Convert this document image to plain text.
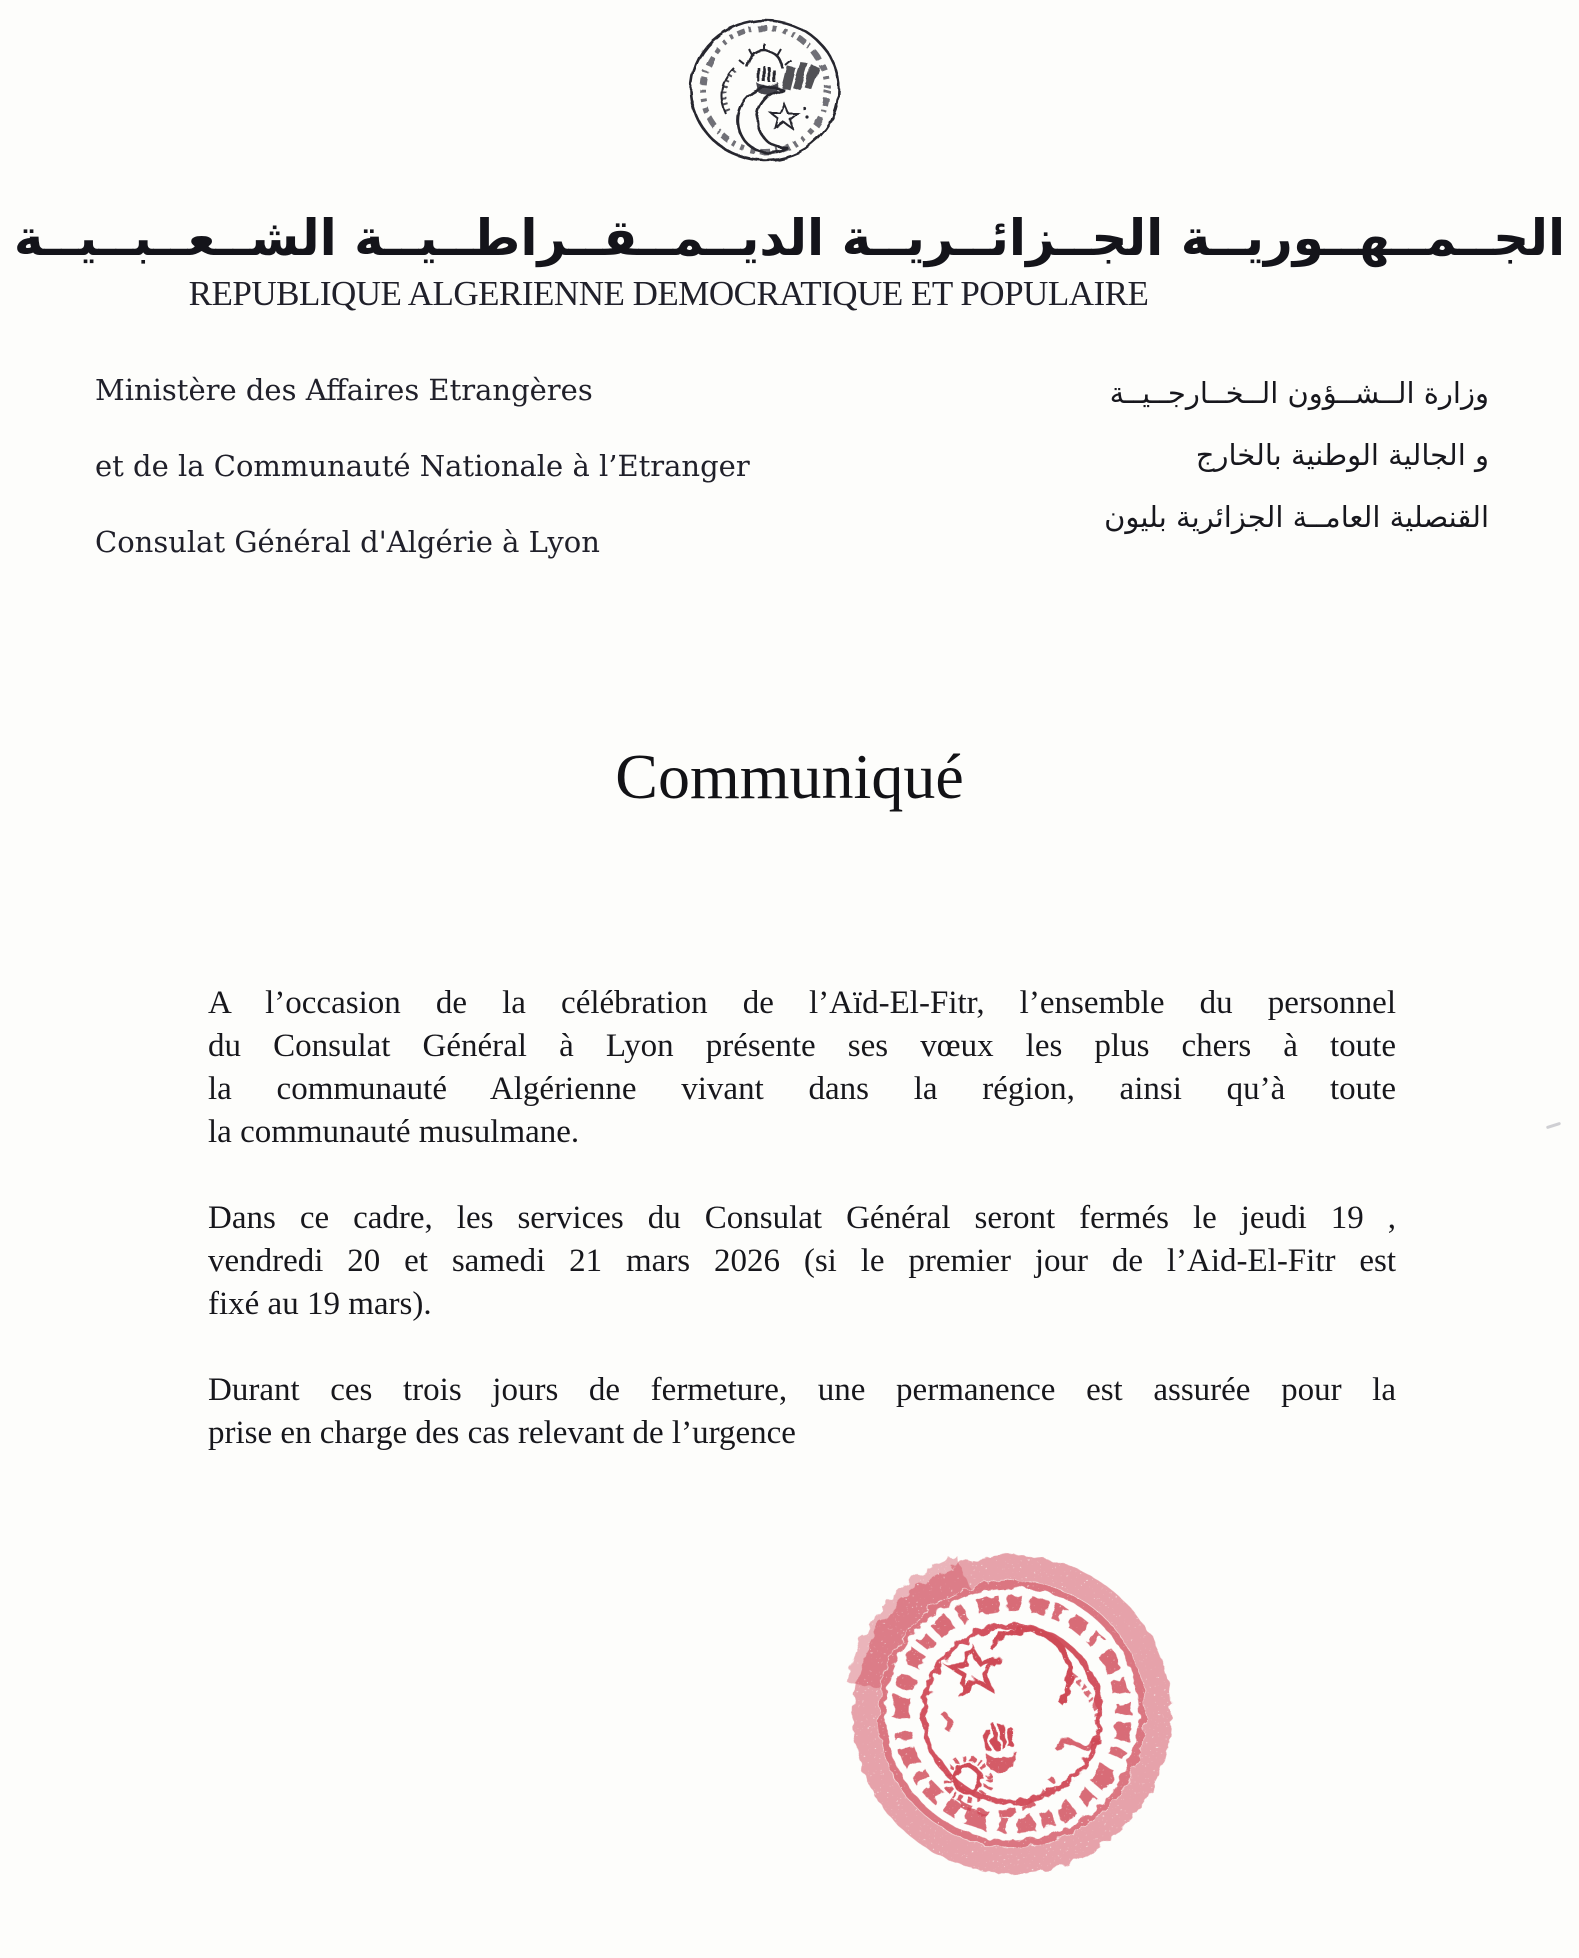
الجــمــهــوريــة الجــزائــريــة الديــمــقــراطــيــة الشــعــبــيــة
REPUBLIQUE ALGERIENNE DEMOCRATIQUE ET POPULAIRE
Ministère des Affaires Etrangères
et de la Communauté Nationale à l’Etranger
Consulat Général d'Algérie à Lyon
وزارة الــشــؤون الــخــارجــيــة
و الجالية الوطنية بالخارج
القنصلية العامــة الجزائرية بليون
Communiqué
A l’occasion de la célébration de l’Aïd-El-Fitr, l’ensemble du personnel
du Consulat Général à Lyon présente ses vœux les plus chers à toute
la communauté Algérienne vivant dans la région, ainsi qu’à toute
la communauté musulmane.
Dans ce cadre, les services du Consulat Général seront fermés le jeudi 19 ,
vendredi 20 et samedi 21 mars 2026 (si le premier jour de l’Aid-El-Fitr est
fixé au 19 mars).
Durant ces trois jours de fermeture, une permanence est assurée pour la
prise en charge des cas relevant de l’urgence
